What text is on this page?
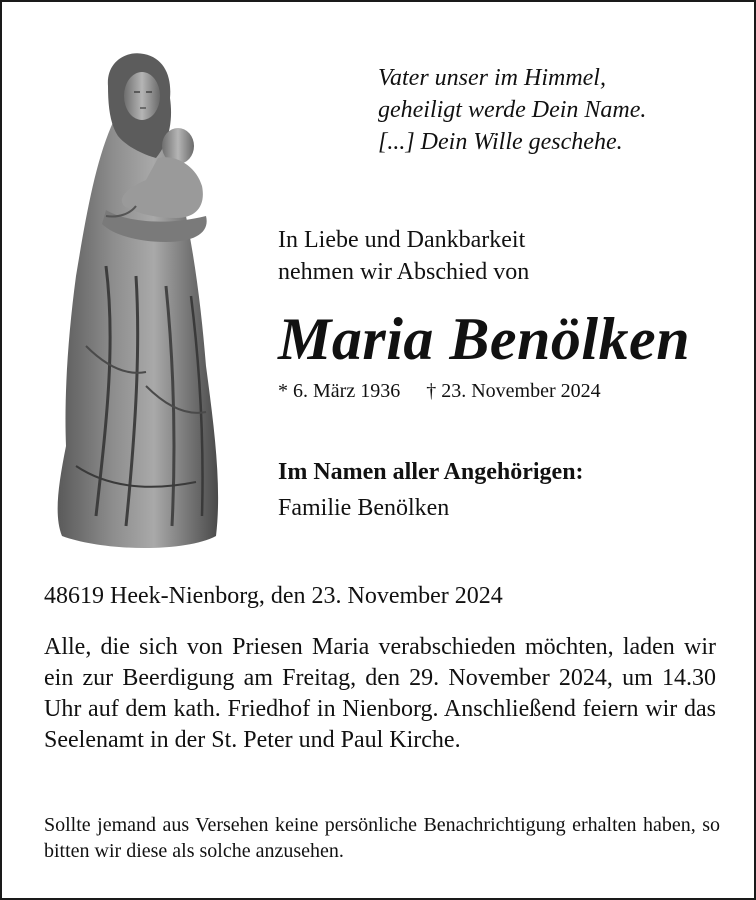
Vater unser im Himmel,
geheiligt werde Dein Name.
[...] Dein Wille geschehe.
In Liebe und Dankbarkeit
nehmen wir Abschied von
Maria Benölken
* 6. März 1936 † 23. November 2024
Im Namen aller Angehörigen:
Familie Benölken
48619 Heek-Nienborg, den 23. November 2024

Alle, die sich von Priesen Maria verabschieden möchten, laden wir ein zur Beerdigung am Freitag, den 29. November 2024, um 14.30 Uhr auf dem kath. Friedhof in Nienborg. Anschließend feiern wir das Seelenamt in der St. Peter und Paul Kirche.

Sollte jemand aus Versehen keine persönliche Benachrichtigung erhalten haben, so bitten wir diese als solche anzusehen.
